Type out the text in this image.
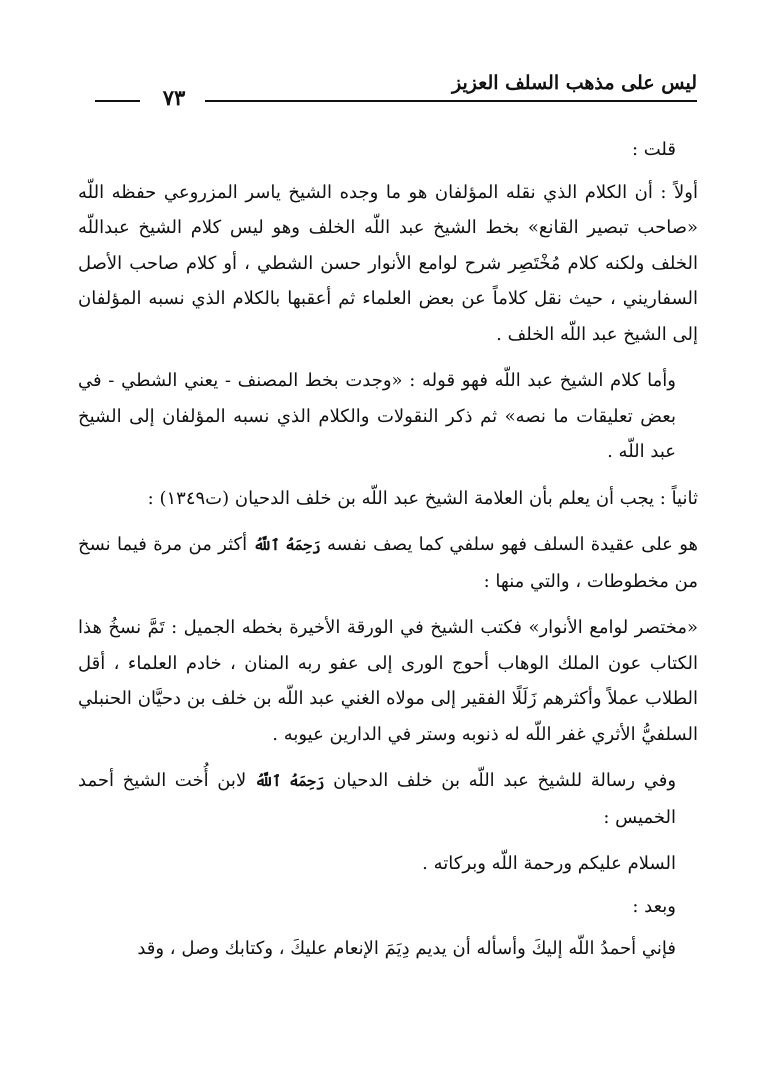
ليس على مذهب السلف العزيز
٧٣

قلت :

أولاً : أن الكلام الذي نقله المؤلفان هو ما وجده الشيخ ياسر المزروعي حفظه اللّه «صاحب تبصير القانع» بخط الشيخ عبد اللّه الخلف وهو ليس كلام الشيخ عبداللّه الخلف ولكنه كلام مُخْتَصِر شرح لوامع الأنوار حسن الشطي ، أو كلام صاحب الأصل السفاريني ، حيث نقل كلاماً عن بعض العلماء ثم أعقبها بالكلام الذي نسبه المؤلفان إلى الشيخ عبد اللّه الخلف .

وأما كلام الشيخ عبد اللّه فهو قوله : «وجدت بخط المصنف - يعني الشطي - في بعض تعليقات ما نصه» ثم ذكر النقولات والكلام الذي نسبه المؤلفان إلى الشيخ عبد اللّه .

ثانياً : يجب أن يعلم بأن العلامة الشيخ عبد اللّه بن خلف الدحيان (ت١٣٤٩) :

هو على عقيدة السلف فهو سلفي كما يصف نفسه رَحِمَهُ ٱللَّهُ أكثر من مرة فيما نسخ من مخطوطات ، والتي منها :

«مختصر لوامع الأنوار» فكتب الشيخ في الورقة الأخيرة بخطه الجميل : تَمَّ نسخُ هذا الكتاب عون الملك الوهاب أحوج الورى إلى عفو ربه المنان ، خادم العلماء ، أقل الطلاب عملاً وأكثرهم زَلَلًا الفقير إلى مولاه الغني عبد اللّه بن خلف بن دحيَّان الحنبلي السلفيُّ الأثري غفر اللّه له ذنوبه وستر في الدارين عيوبه .

وفي رسالة للشيخ عبد اللّه بن خلف الدحيان رَحِمَهُ ٱللَّهُ لابن أُخت الشيخ أحمد الخميس :

السلام عليكم ورحمة اللّه وبركاته .

وبعد :

فإني أحمدُ اللّه إليكَ وأسأله أن يديم دِيَمَ الإنعام عليكَ ، وكتابك وصل ، وقد
